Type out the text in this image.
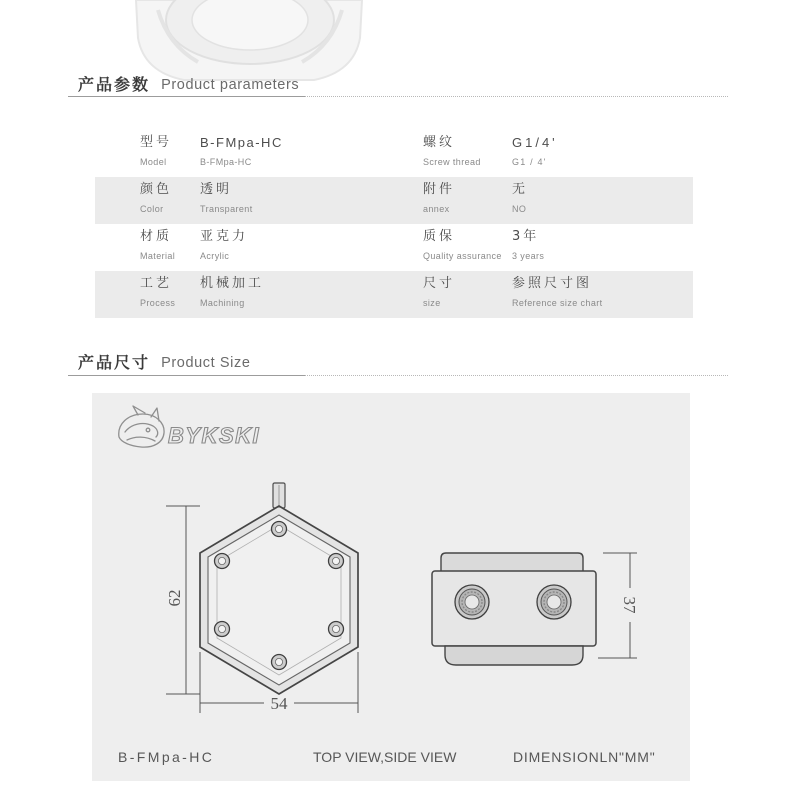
产品参数 Product parameters
型号
Model
B-FMpa-HC
B-FMpa-HC
螺纹
Screw thread
G1/4'
G1 / 4'
颜色
Color
透明
Transparent
附件
annex
无
NO
材质
Material
亚克力
Acrylic
质保
Quality assurance
3年
3 years
工艺
Process
机械加工
Machining
尺寸
size
参照尺寸图
Reference size chart
产品尺寸 Product Size
BYKSKI
62
54
37
B-FMpa-HC	TOP VIEW,SIDE VIEW	DIMENSIONLN"MM"
